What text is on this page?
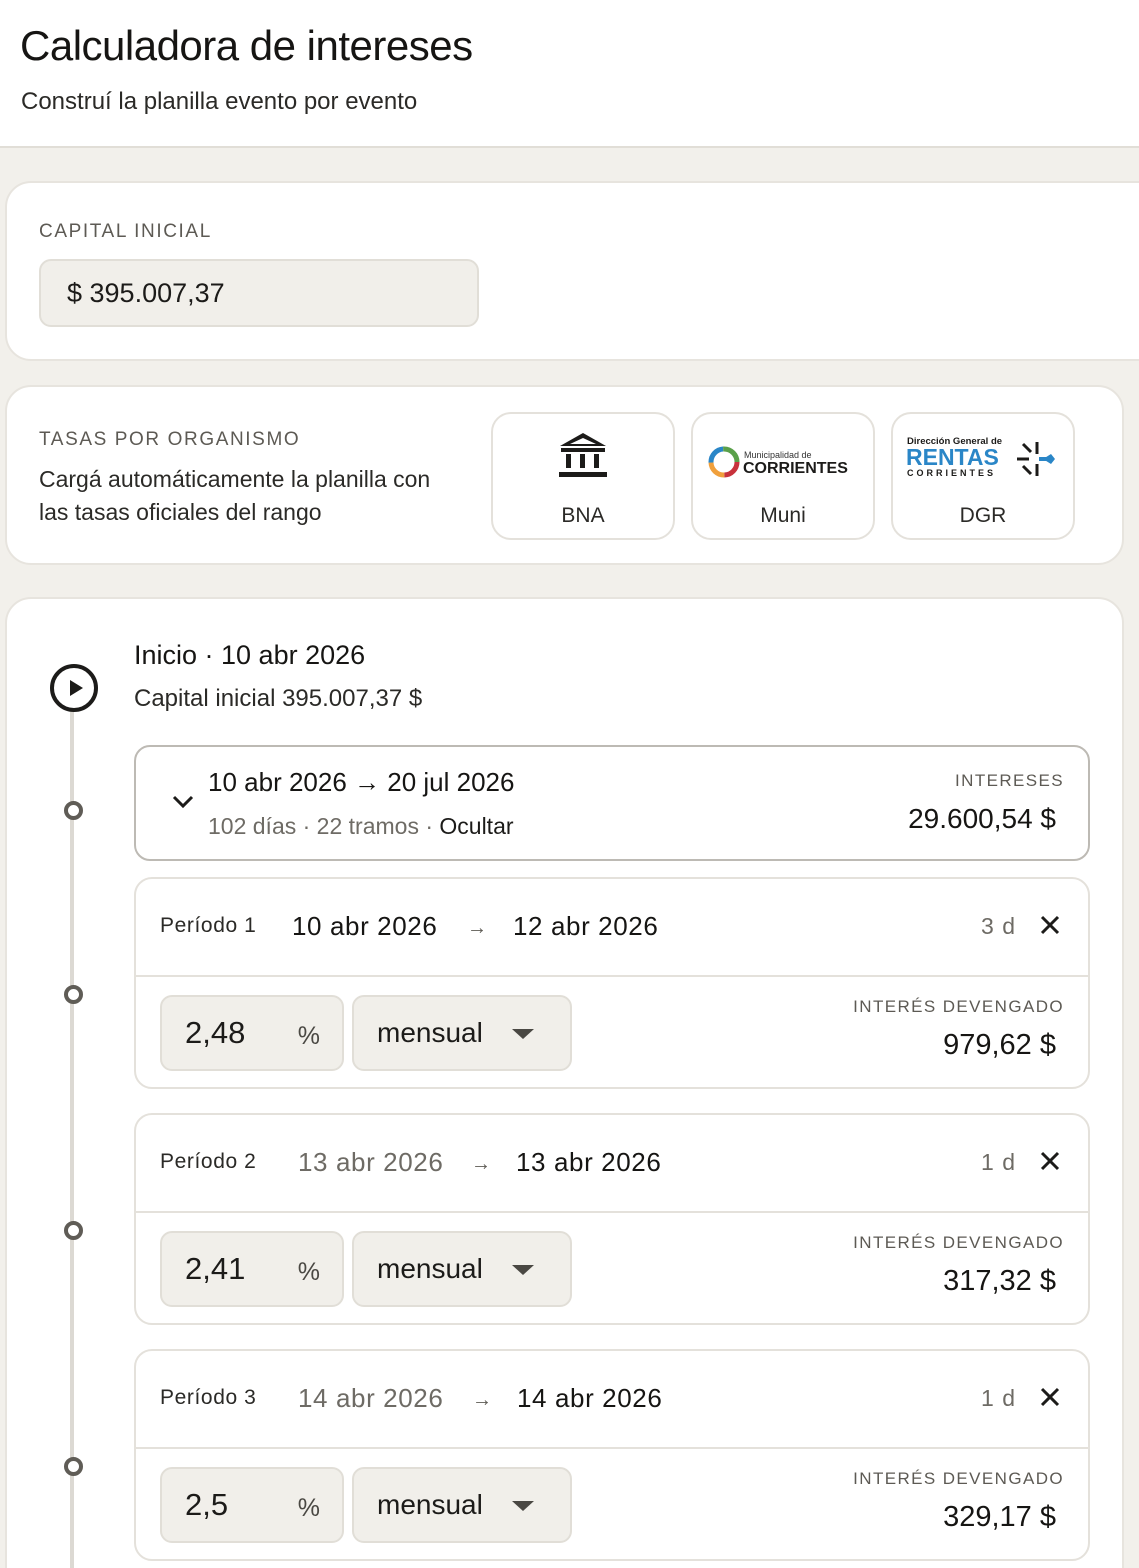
Calculadora de intereses
Construí la planilla evento por evento
CAPITAL INICIAL
$ 395.007,37
TASAS POR ORGANISMO
Cargá automáticamente la planilla con las tasas oficiales del rango	BNA
Municipalidad de
CORRIENTES
Muni
Dirección General de
RENTAS
CORRIENTES
DGR
Inicio · 10 abr 2026
Capital inicial 395.007,37 $
10 abr 2026 → 20 jul 2026
102 días · 22 tramos · Ocultar
INTERESES
29.600,54 $
Período 1 10 abr 2026 → 12 abr 2026	3 d
2,48 % mensual
INTERÉS DEVENGADO
979,62 $
Período 2 13 abr 2026 → 13 abr 2026	1 d
2,41 % mensual
INTERÉS DEVENGADO
317,32 $
Período 3 14 abr 2026 → 14 abr 2026	1 d
2,5	% mensual
INTERÉS DEVENGADO
329,17 $
